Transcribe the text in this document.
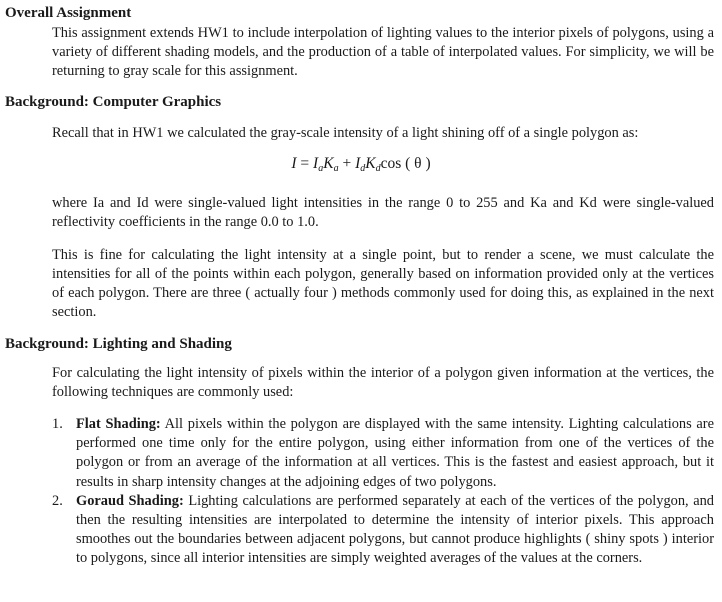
Overall Assignment

This assignment extends HW1 to include interpolation of lighting values to the interior pixels of polygons, using a variety of different shading models, and the production of a table of interpolated values. For simplicity, we will be returning to gray scale for this assignment.

Background: Computer Graphics

Recall that in HW1 we calculated the gray-scale intensity of a light shining off of a single polygon as:

$I = I_aK_a + I_dK_d\cos$ ( θ )

where Ia and Id were single-valued light intensities in the range 0 to 255 and Ka and Kd were single-valued reflectivity coefficients in the range 0.0 to 1.0.

This is fine for calculating the light intensity at a single point, but to render a scene, we must calculate the intensities for all of the points within each polygon, generally based on information provided only at the vertices of each polygon. There are three ( actually four ) methods commonly used for doing this, as explained in the next section.

Background: Lighting and Shading

For calculating the light intensity of pixels within the interior of a polygon given information at the vertices, the following techniques are commonly used:

1. Flat Shading: All pixels within the polygon are displayed with the same intensity. Lighting calculations are performed one time only for the entire polygon, using either information from one of the vertices of the polygon or from an average of the information at all vertices. This is the fastest and easiest approach, but it results in sharp intensity changes at the adjoining edges of two polygons.
2. Goraud Shading: Lighting calculations are performed separately at each of the vertices of the polygon, and then the resulting intensities are interpolated to determine the intensity of interior pixels. This approach smoothes out the boundaries between adjacent polygons, but cannot produce highlights ( shiny spots ) interior to polygons, since all interior intensities are simply weighted averages of the values at the corners.
